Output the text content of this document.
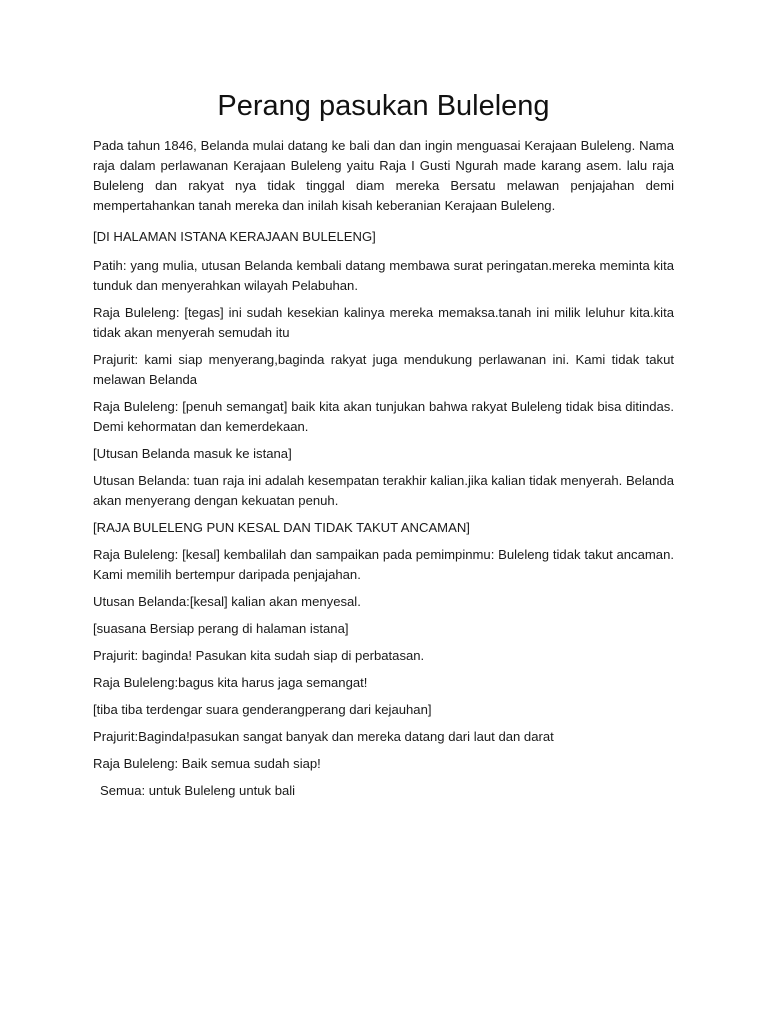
Perang pasukan Buleleng

Pada tahun 1846, Belanda mulai datang ke bali dan dan ingin menguasai Kerajaan Buleleng. Nama raja dalam perlawanan Kerajaan Buleleng yaitu Raja I Gusti Ngurah made karang asem. lalu raja Buleleng dan rakyat nya tidak tinggal diam mereka Bersatu melawan penjajahan demi mempertahankan tanah mereka dan inilah kisah keberanian Kerajaan Buleleng.

[DI HALAMAN ISTANA KERAJAAN BULELENG]

Patih: yang mulia, utusan Belanda kembali datang membawa surat peringatan.mereka meminta kita tunduk dan menyerahkan wilayah Pelabuhan.

Raja Buleleng: [tegas] ini sudah kesekian kalinya mereka memaksa.tanah ini milik leluhur kita.kita tidak akan menyerah semudah itu

Prajurit: kami siap menyerang,baginda rakyat juga mendukung perlawanan ini. Kami tidak takut melawan Belanda

Raja Buleleng: [penuh semangat] baik kita akan tunjukan bahwa rakyat Buleleng tidak bisa ditindas. Demi kehormatan dan kemerdekaan.

[Utusan Belanda masuk ke istana]

Utusan Belanda: tuan raja ini adalah kesempatan terakhir kalian.jika kalian tidak menyerah. Belanda akan menyerang dengan kekuatan penuh.

[RAJA BULELENG PUN KESAL DAN TIDAK TAKUT ANCAMAN]

Raja Buleleng: [kesal] kembalilah dan sampaikan pada pemimpinmu: Buleleng tidak takut ancaman. Kami memilih bertempur daripada penjajahan.

Utusan Belanda:[kesal] kalian akan menyesal.

[suasana Bersiap perang di halaman istana]

Prajurit: baginda! Pasukan kita sudah siap di perbatasan.

Raja Buleleng:bagus kita harus jaga semangat!

[tiba tiba terdengar suara genderangperang dari kejauhan]

Prajurit:Baginda!pasukan sangat banyak dan mereka datang dari laut dan darat

Raja Buleleng: Baik semua sudah siap!

Semua: untuk Buleleng untuk bali
